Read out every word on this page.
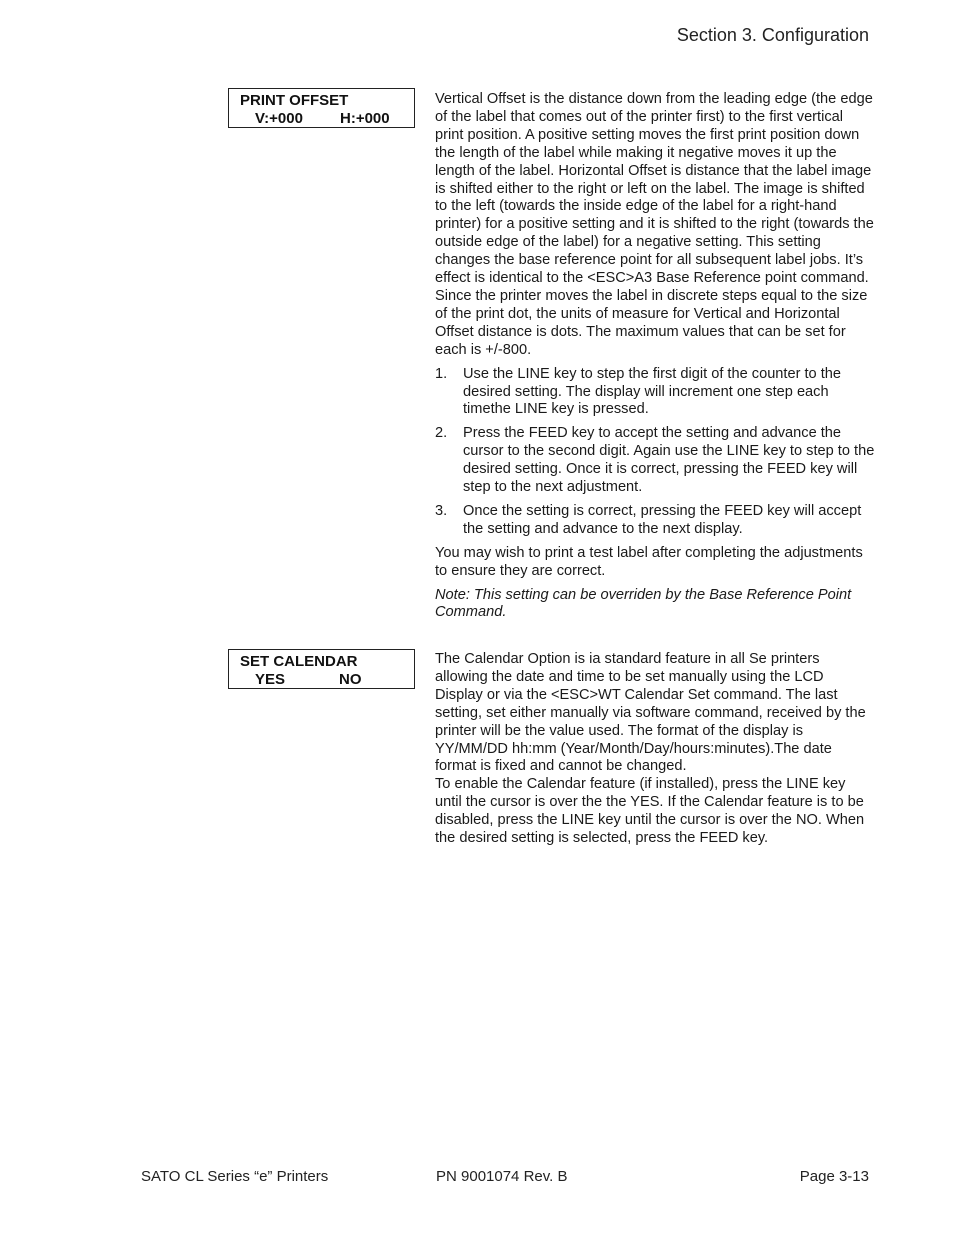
Section 3. Configuration
PRINT OFFSET
V:+000 H:+000

Vertical Offset is the distance down from the leading edge (the edge of the label that comes out of the printer first) to the first vertical print position. A positive setting moves the first print position down the length of the label while making it negative moves it up the length of the label. Horizontal Offset is distance that the label image is shifted either to the right or left on the label. The image is shifted to the left (towards the inside edge of the label for a right-hand printer) for a positive setting and it is shifted to the right (towards the outside edge of the label) for a negative setting. This setting changes the base reference point for all subsequent label jobs. It’s effect is identical to the <ESC>A3 Base Reference point command. Since the printer moves the label in discrete steps equal to the size of the print dot, the units of measure for Vertical and Horizontal Offset distance is dots. The maximum values that can be set for each is +/-800.

1. Use the LINE key to step the first digit of the counter to the desired setting. The display will increment one step each timethe LINE key is pressed.
2. Press the FEED key to accept the setting and advance the cursor to the second digit. Again use the LINE key to step to the desired setting. Once it is correct, pressing the FEED key will step to the next adjustment.
3. Once the setting is correct, pressing the FEED key will accept the setting and advance to the next display.

You may wish to print a test label after completing the adjustments to ensure they are correct.

Note: This setting can be overriden by the Base Reference Point Command.

SET CALENDAR
YES	NO

The Calendar Option is ia standard feature in all Se printers allowing the date and time to be set manually using the LCD Display or via the <ESC>WT Calendar Set command. The last setting, set either manually via software command, received by the printer will be the value used. The format of the display is YY/MM/DD hh:mm (Year/Month/Day/hours:minutes).The date format is fixed and cannot be changed.

To enable the Calendar feature (if installed), press the LINE key until the cursor is over the the YES. If the Calendar feature is to be disabled, press the LINE key until the cursor is over the NO. When the desired setting is selected, press the FEED key.

SATO CL Series “e” Printers	PN 9001074 Rev. B	Page 3-13
